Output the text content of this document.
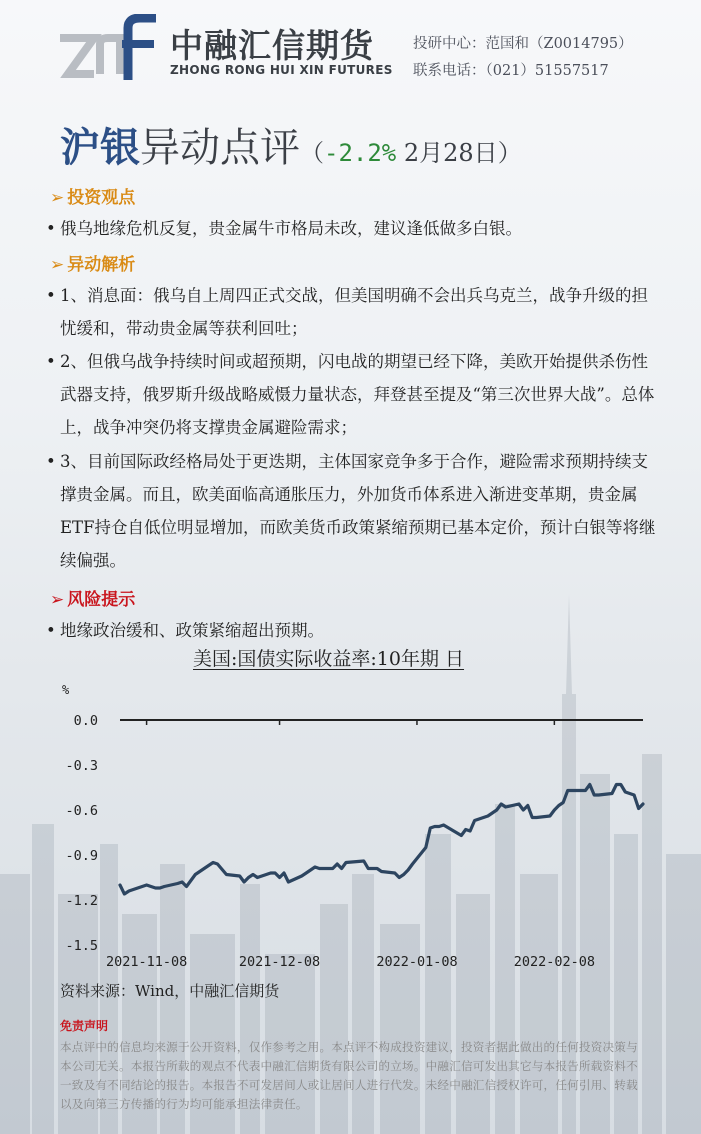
中融汇信期货
ZHONG RONG HUI XIN FUTURES
投研中心：范国和（Z0014795）
联系电话：（021）51557517
沪银异动点评（-2.2% 2月28日）
➢ 投资观点
• 俄乌地缘危机反复，贵金属牛市格局未改，建议逢低做多白银。
➢ 异动解析
• 1、消息面：俄乌自上周四正式交战，但美国明确不会出兵乌克兰，战争升级的担忧缓和，带动贵金属等获利回吐；
• 2、但俄乌战争持续时间或超预期，闪电战的期望已经下降，美欧开始提供杀伤性武器支持，俄罗斯升级战略威慑力量状态，拜登甚至提及“第三次世界大战”。总体上，战争冲突仍将支撑贵金属避险需求；
• 3、目前国际政经格局处于更迭期，主体国家竞争多于合作，避险需求预期持续支撑贵金属。而且，欧美面临高通胀压力，外加货币体系进入渐进变革期，贵金属ETF持仓自低位明显增加，而欧美货币政策紧缩预期已基本定价，预计白银等将继续偏强。
➢ 风险提示
• 地缘政治缓和、政策紧缩超出预期。
美国:国债实际收益率:10年期 日
%
0.0
-0.3
-0.6
-0.9
-1.2
-1.5
2021-11-08	2021-12-08	2022-01-08	2022-02-08
资料来源：Wind，中融汇信期货
免责声明
本点评中的信息均来源于公开资料，仅作参考之用。本点评不构成投资建议，投资者据此做出的任何投资决策与本公司无关。本报告所载的观点不代表中融汇信期货有限公司的立场。中融汇信可发出其它与本报告所载资料不一致及有不同结论的报告。本报告不可发居间人或让居间人进行代发。未经中融汇信授权许可，任何引用、转载以及向第三方传播的行为均可能承担法律责任。
